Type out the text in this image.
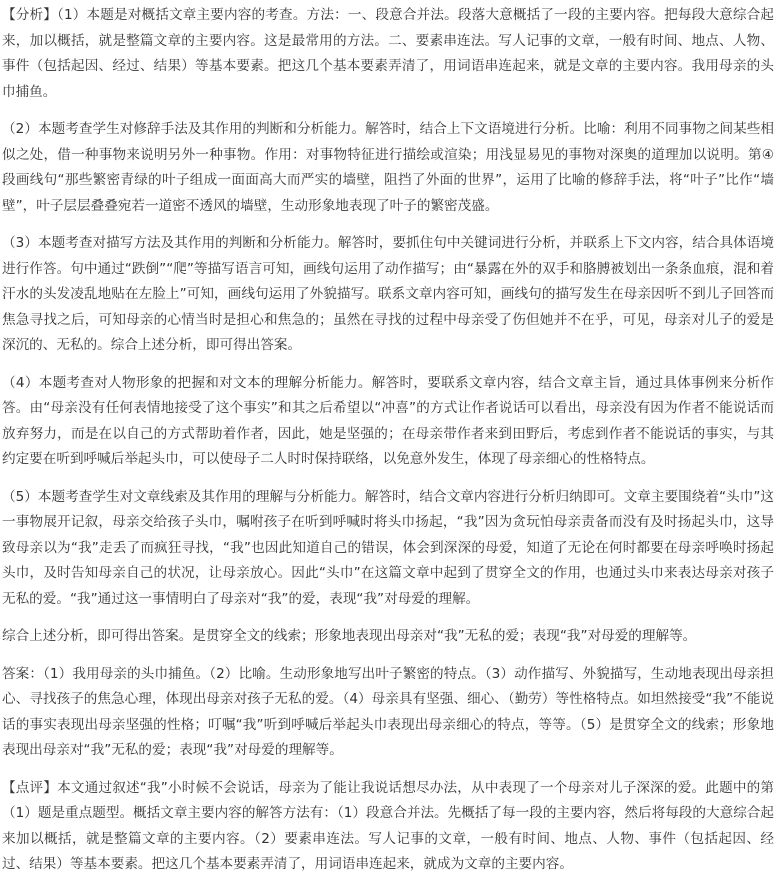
【分析】（1）本题是对概括文章主要内容的考查。方法：一、段意合并法。段落大意概括了一段的主要内容。把每段大意综合起来，加以概括，就是整篇文章的主要内容。这是最常用的方法。二、要素串连法。写人记事的文章，一般有时间、地点、人物、事件（包括起因、经过、结果）等基本要素。把这几个基本要素弄清了，用词语串连起来，就是文章的主要内容。我用母亲的头巾捕鱼。

（2）本题考查学生对修辞手法及其作用的判断和分析能力。解答时，结合上下文语境进行分析。比喻：利用不同事物之间某些相似之处，借一种事物来说明另外一种事物。作用：对事物特征进行描绘或渲染；用浅显易见的事物对深奥的道理加以说明。第④段画线句“那些繁密青绿的叶子组成一面面高大而严实的墙壁，阻挡了外面的世界”，运用了比喻的修辞手法，将“叶子”比作“墙壁”，叶子层层叠叠宛若一道密不透风的墙壁，生动形象地表现了叶子的繁密茂盛。

（3）本题考查对描写方法及其作用的判断和分析能力。解答时，要抓住句中关键词进行分析，并联系上下文内容，结合具体语境进行作答。句中通过“跌倒”“爬”等描写语言可知，画线句运用了动作描写；由“暴露在外的双手和胳膊被划出一条条血痕，混和着汗水的头发凌乱地贴在左脸上”可知，画线句运用了外貌描写。联系文章内容可知，画线句的描写发生在母亲因听不到儿子回答而焦急寻找之后，可知母亲的心情当时是担心和焦急的；虽然在寻找的过程中母亲受了伤但她并不在乎，可见，母亲对儿子的爱是深沉的、无私的。综合上述分析，即可得出答案。

（4）本题考查对人物形象的把握和对文本的理解分析能力。解答时，要联系文章内容，结合文章主旨，通过具体事例来分析作答。由“母亲没有任何表情地接受了这个事实”和其之后希望以“冲喜”的方式让作者说话可以看出，母亲没有因为作者不能说话而放弃努力，而是在以自己的方式帮助着作者，因此，她是坚强的；在母亲带作者来到田野后，考虑到作者不能说话的事实，与其约定要在听到呼喊后举起头巾，可以使母子二人时时保持联络，以免意外发生，体现了母亲细心的性格特点。

（5）本题考查学生对文章线索及其作用的理解与分析能力。解答时，结合文章内容进行分析归纳即可。文章主要围绕着“头巾”这一事物展开记叙，母亲交给孩子头巾，嘱咐孩子在听到呼喊时将头巾扬起，“我”因为贪玩怕母亲责备而没有及时扬起头巾，这导致母亲以为“我”走丢了而疯狂寻找，“我”也因此知道自己的错误，体会到深深的母爱，知道了无论在何时都要在母亲呼唤时扬起头巾，及时告知母亲自己的状况，让母亲放心。因此“头巾”在这篇文章中起到了贯穿全文的作用，也通过头巾来表达母亲对孩子无私的爱。“我”通过这一事情明白了母亲对“我”的爱，表现“我”对母爱的理解。

综合上述分析，即可得出答案。是贯穿全文的线索；形象地表现出母亲对“我”无私的爱；表现“我”对母爱的理解等。

答案：（1）我用母亲的头巾捕鱼。（2）比喻。生动形象地写出叶子繁密的特点。（3）动作描写、外貌描写，生动地表现出母亲担心、寻找孩子的焦急心理，体现出母亲对孩子无私的爱。（4）母亲具有坚强、细心、（勤劳）等性格特点。如坦然接受“我”不能说话的事实表现出母亲坚强的性格；叮嘱“我”听到呼喊后举起头巾表现出母亲细心的特点，等等。（5）是贯穿全文的线索；形象地表现出母亲对“我”无私的爱；表现“我”对母爱的理解等。

【点评】本文通过叙述“我”小时候不会说话，母亲为了能让我说话想尽办法，从中表现了一个母亲对儿子深深的爱。此题中的第（1）题是重点题型。概括文章主要内容的解答方法有：（1）段意合并法。先概括了每一段的主要内容，然后将每段的大意综合起来加以概括，就是整篇文章的主要内容。（2）要素串连法。写人记事的文章，一般有时间、地点、人物、事件（包括起因、经过、结果）等基本要素。把这几个基本要素弄清了，用词语串连起来，就成为文章的主要内容。
